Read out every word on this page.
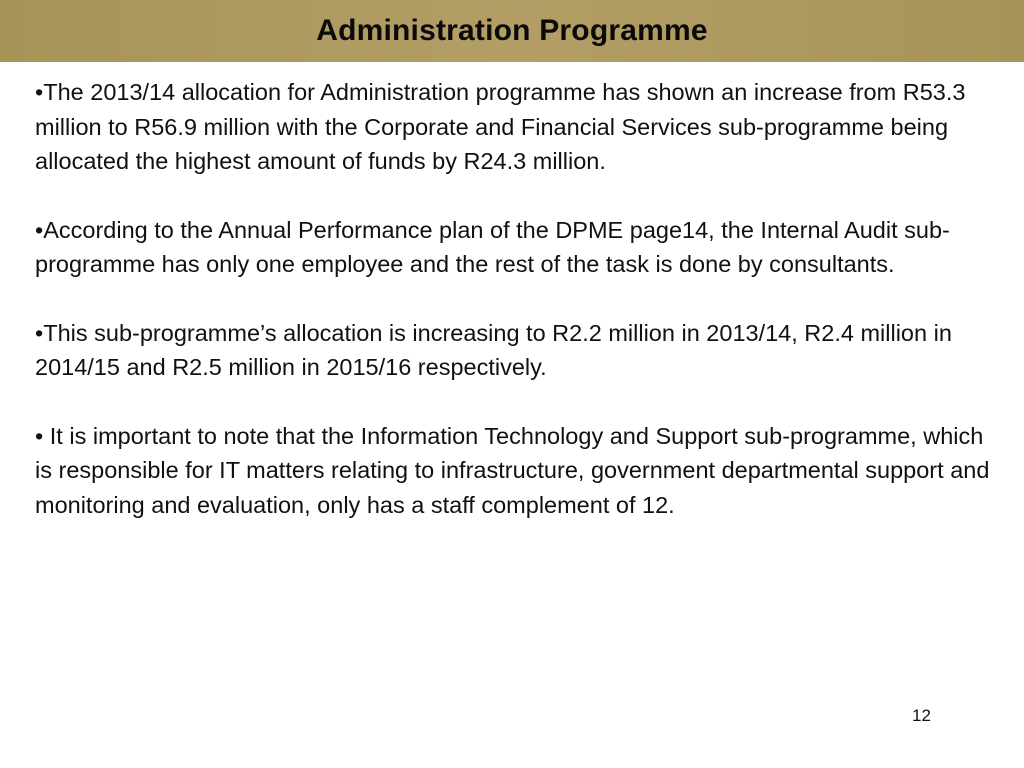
Administration Programme

•The 2013/14 allocation for Administration programme has shown an increase from R53.3 million to R56.9 million with the Corporate and Financial Services sub-programme being allocated the highest amount of funds by R24.3 million.

•According to the Annual Performance plan of the DPME page14, the Internal Audit sub-programme has only one employee and the rest of the task is done by consultants.

•This sub-programme’s allocation is increasing to R2.2 million in 2013/14, R2.4 million in 2014/15 and R2.5 million in 2015/16 respectively.

• It is important to note that the Information Technology and Support sub-programme, which is responsible for IT matters relating to infrastructure, government departmental support and monitoring and evaluation, only has a staff complement of 12.

12
